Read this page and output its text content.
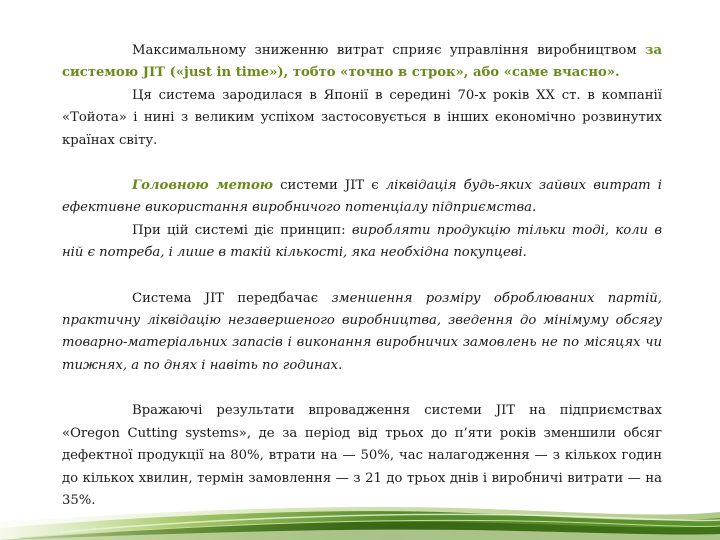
Максимальному зниженню витрат сприяє управління виробництвом за системою JIT («just in time»), тобто «точно в строк», або «саме вчасно».

Ця система зародилася в Японії в середині 70-х років XX ст. в компанії «Тойота» і нині з великим успіхом застосовується в інших економічно розвинутих країнах світу.

Головною метою системи JIT є ліквідація будь-яких зайвих витрат і ефективне використання виробничого потенціалу підприємства.

При цій системі діє принцип: виробляти продукцію тільки тоді, коли в ній є потреба, і лише в такій кількості, яка необхідна покупцеві.

Система JIT передбачає зменшення розміру оброблюваних партій, практичну ліквідацію незавершеного виробництва, зведення до мінімуму обсягу товарно-матеріальних запасів і виконання виробничих замовлень не по місяцях чи тижнях, а по днях і навіть по годинах.

Вражаючі результати впровадження системи JIT на підприємствах «Oregon Cutting systems», де за період від трьох до п’яти років зменшили обсяг дефектної продукції на 80%, втрати на — 50%, час налагодження — з кількох годин до кількох хвилин, термін замовлення — з 21 до трьох днів і виробничі витрати — на 35%.
